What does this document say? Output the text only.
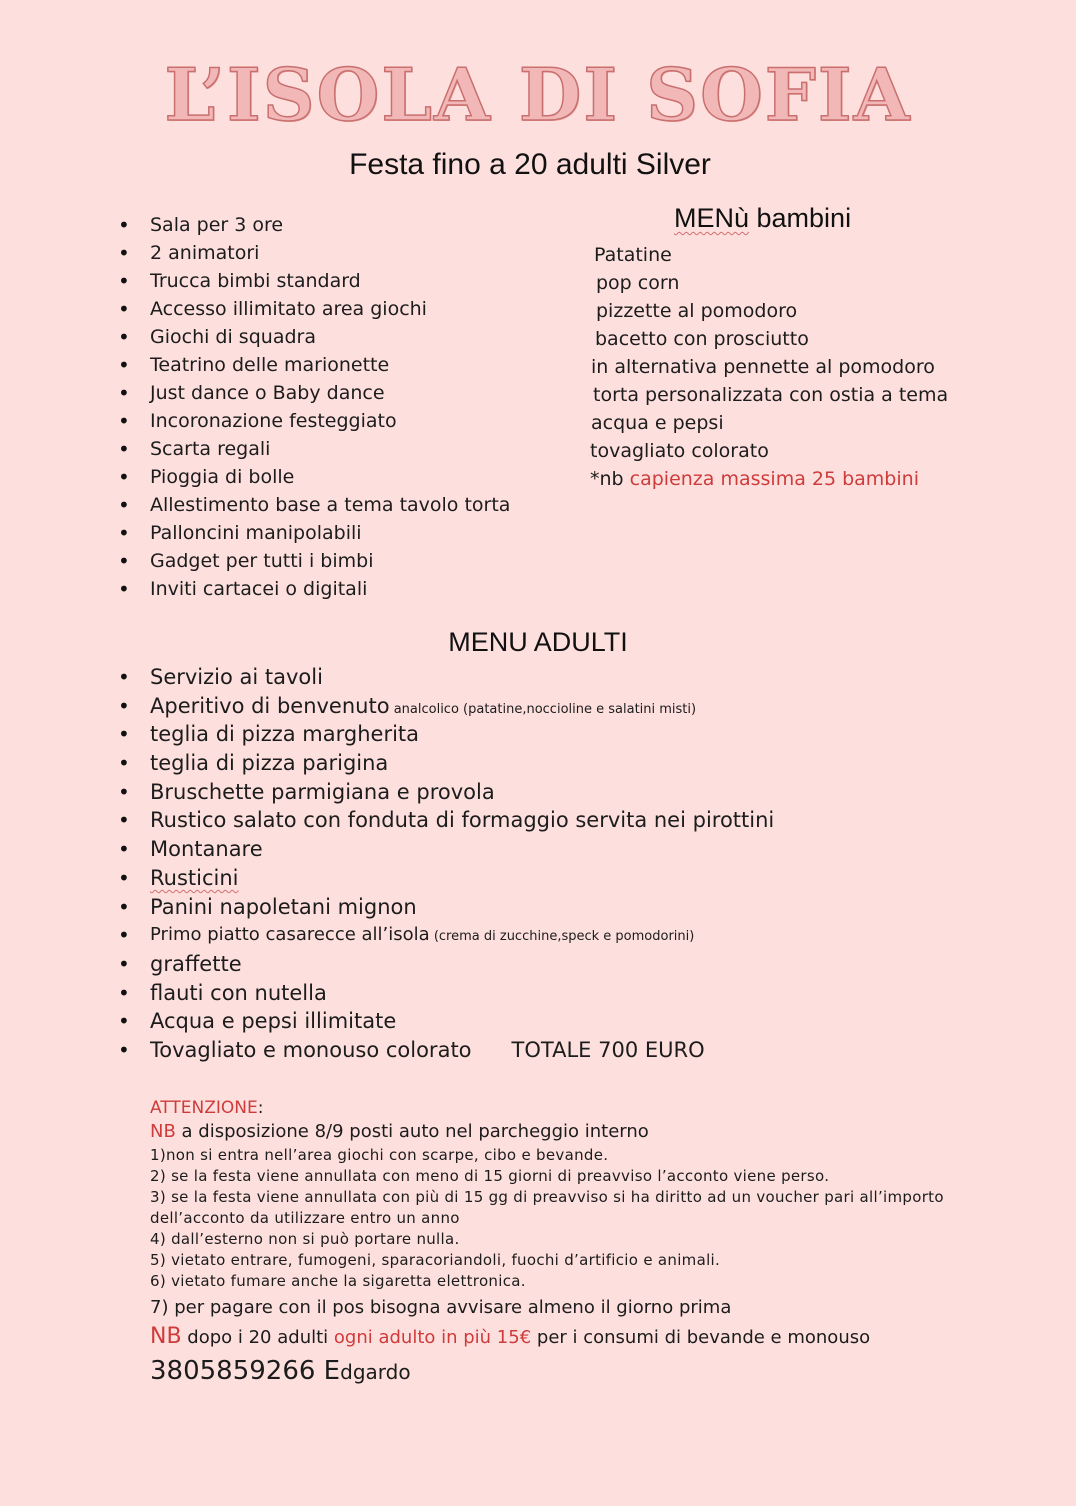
L’ISOLA DI SOFIA
Festa fino a 20 adulti Silver
• Sala per 3 ore
• 2 animatori
• Trucca bimbi standard
• Accesso illimitato area giochi
• Giochi di squadra
• Teatrino delle marionette
• Just dance o Baby dance
• Incoronazione festeggiato
• Scarta regali
• Pioggia di bolle
• Allestimento base a tema tavolo torta
• Palloncini manipolabili
• Gadget per tutti i bimbi
• Inviti cartacei o digitali
MENù bambini
Patatine
pop corn
pizzette al pomodoro
bacetto con prosciutto
in alternativa pennette al pomodoro
torta personalizzata con ostia a tema
acqua e pepsi
tovagliato colorato
*nb capienza massima 25 bambini
MENU ADULTI
• Servizio ai tavoli
• Aperitivo di benvenuto analcolico (patatine,noccioline e salatini misti)
• teglia di pizza margherita
• teglia di pizza parigina
• Bruschette parmigiana e provola
• Rustico salato con fonduta di formaggio servita nei pirottini
• Montanare
• Rusticini
• Panini napoletani mignon
• Primo piatto casarecce all’isola (crema di zucchine,speck e pomodorini)
• graffette
• flauti con nutella
• Acqua e pepsi illimitate
• Tovagliato e monouso colorato TOTALE 700 EURO
ATTENZIONE:
NB a disposizione 8/9 posti auto nel parcheggio interno
1)non si entra nell’area giochi con scarpe, cibo e bevande.
2) se la festa viene annullata con meno di 15 giorni di preavviso l’acconto viene perso.
3) se la festa viene annullata con più di 15 gg di preavviso si ha diritto ad un voucher pari all’importo
dell’acconto da utilizzare entro un anno
4) dall’esterno non si può portare nulla.
5) vietato entrare, fumogeni, sparacoriandoli, fuochi d’artificio e animali.
6) vietato fumare anche la sigaretta elettronica.
7) per pagare con il pos bisogna avvisare almeno il giorno prima
NB dopo i 20 adulti ogni adulto in più 15€ per i consumi di bevande e monouso
3805859266 Edgardo
